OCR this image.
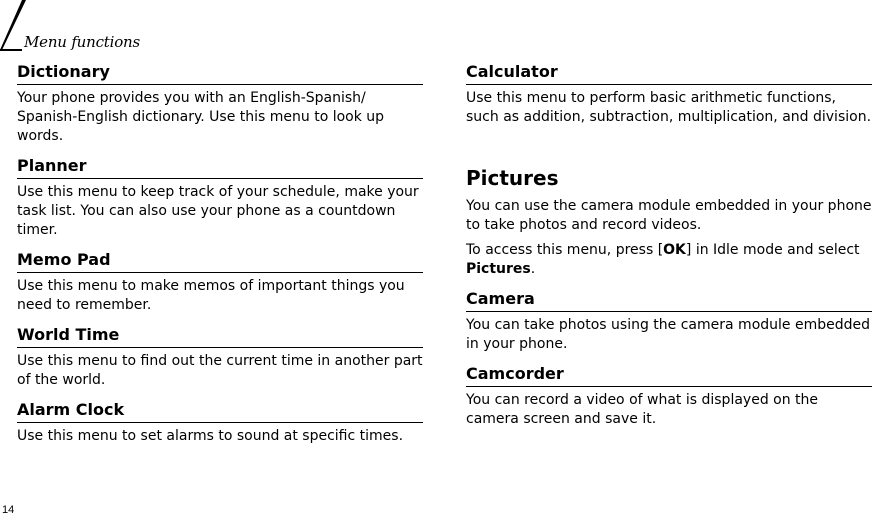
Menu functions
Dictionary

Your phone provides you with an English-Spanish/ Spanish-English dictionary. Use this menu to look up words.

Planner

Use this menu to keep track of your schedule, make your task list. You can also use your phone as a countdown timer.

Memo Pad

Use this menu to make memos of important things you need to remember.

World Time

Use this menu to find out the current time in another part of the world.

Alarm Clock

Use this menu to set alarms to sound at specific times.

Calculator

Use this menu to perform basic arithmetic functions, such as addition, subtraction, multiplication, and division.

Pictures

You can use the camera module embedded in your phone to take photos and record videos.

To access this menu, press [OK] in Idle mode and select Pictures.

Camera

You can take photos using the camera module embedded in your phone.

Camcorder

You can record a video of what is displayed on the camera screen and save it.

14
